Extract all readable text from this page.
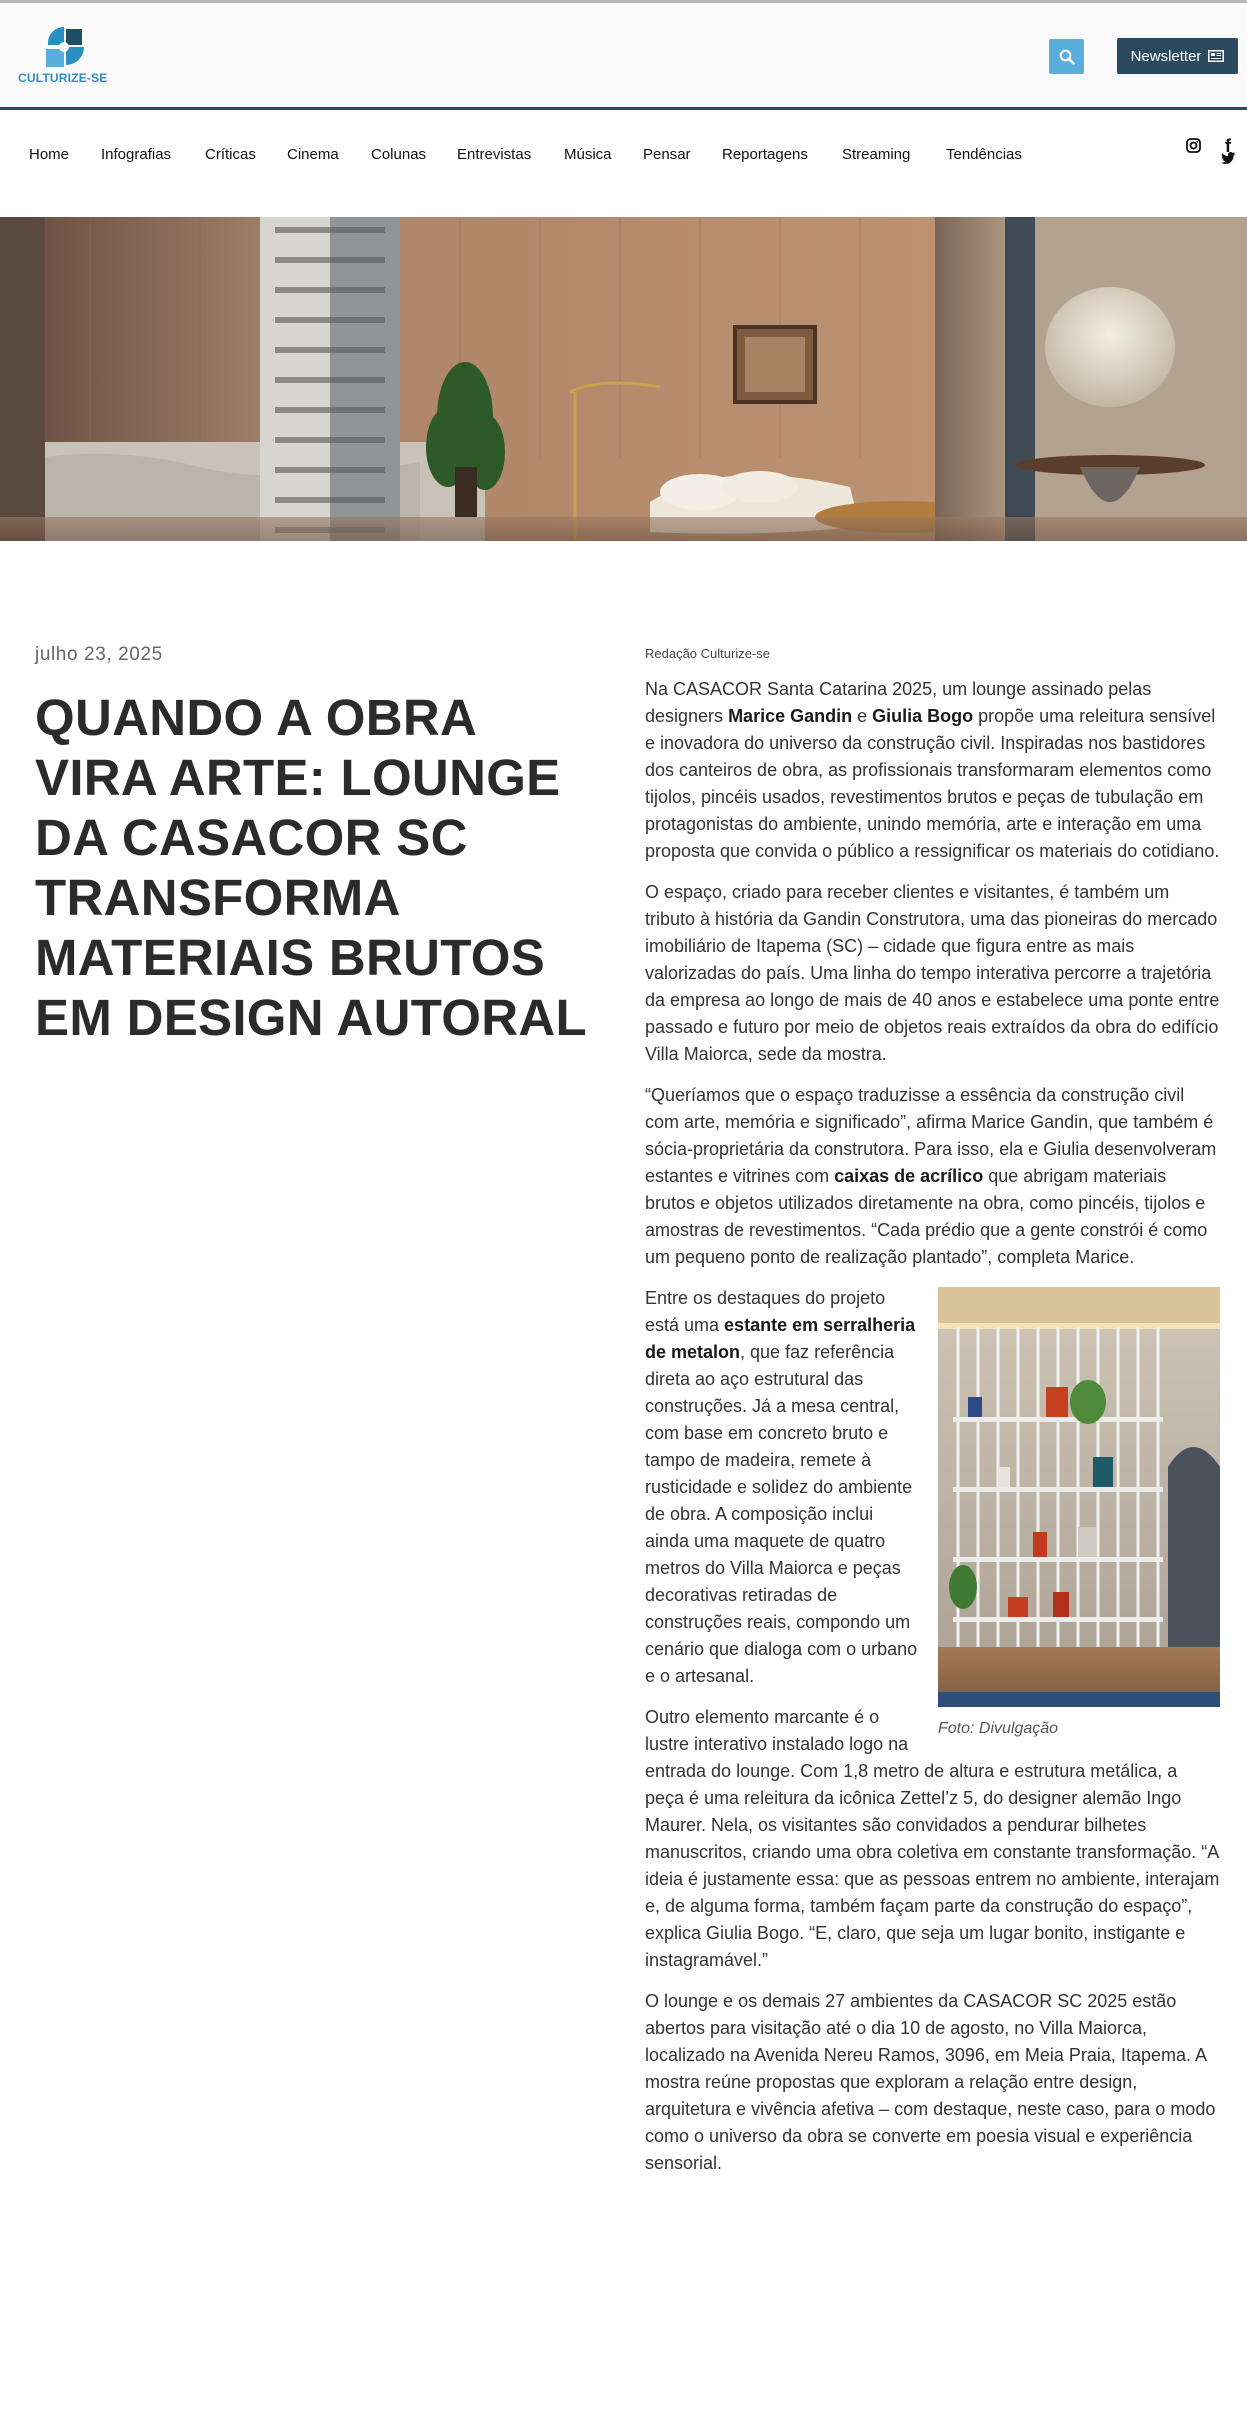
CULTURIZE-SE
Newsletter
Home Infografias Críticas Cinema Colunas Entrevistas Música Pensar Reportagens Streaming Tendências	f
julho 23, 2025
QUANDO A OBRA VIRA ARTE: LOUNGE DA CASACOR SC TRANSFORMA MATERIAIS BRUTOS EM DESIGN AUTORAL
Redação Culturize-se

Na CASACOR Santa Catarina 2025, um lounge assinado pelas designers Marice Gandin e Giulia Bogo propõe uma releitura sensível e inovadora do universo da construção civil. Inspiradas nos bastidores dos canteiros de obra, as profissionais transformaram elementos como tijolos, pincéis usados, revestimentos brutos e peças de tubulação em protagonistas do ambiente, unindo memória, arte e interação em uma proposta que convida o público a ressignificar os materiais do cotidiano.

O espaço, criado para receber clientes e visitantes, é também um tributo à história da Gandin Construtora, uma das pioneiras do mercado imobiliário de Itapema (SC) – cidade que figura entre as mais valorizadas do país. Uma linha do tempo interativa percorre a trajetória da empresa ao longo de mais de 40 anos e estabelece uma ponte entre passado e futuro por meio de objetos reais extraídos da obra do edifício Villa Maiorca, sede da mostra.

“Queríamos que o espaço traduzisse a essência da construção civil com arte, memória e significado”, afirma Marice Gandin, que também é sócia-proprietária da construtora. Para isso, ela e Giulia desenvolveram estantes e vitrines com caixas de acrílico que abrigam materiais brutos e objetos utilizados diretamente na obra, como pincéis, tijolos e amostras de revestimentos. “Cada prédio que a gente constrói é como um pequeno ponto de realização plantado”, completa Marice.

Foto: Divulgação

Entre os destaques do projeto está uma estante em serralheria de metalon, que faz referência direta ao aço estrutural das construções. Já a mesa central, com base em concreto bruto e tampo de madeira, remete à rusticidade e solidez do ambiente de obra. A composição inclui ainda uma maquete de quatro metros do Villa Maiorca e peças decorativas retiradas de construções reais, compondo um cenário que dialoga com o urbano e o artesanal.

Outro elemento marcante é o lustre interativo instalado logo na entrada do lounge. Com 1,8 metro de altura e estrutura metálica, a peça é uma releitura da icônica Zettel’z 5, do designer alemão Ingo Maurer. Nela, os visitantes são convidados a pendurar bilhetes manuscritos, criando uma obra coletiva em constante transformação. “A ideia é justamente essa: que as pessoas entrem no ambiente, interajam e, de alguma forma, também façam parte da construção do espaço”, explica Giulia Bogo. “E, claro, que seja um lugar bonito, instigante e instagramável.”

O lounge e os demais 27 ambientes da CASACOR SC 2025 estão abertos para visitação até o dia 10 de agosto, no Villa Maiorca, localizado na Avenida Nereu Ramos, 3096, em Meia Praia, Itapema. A mostra reúne propostas que exploram a relação entre design, arquitetura e vivência afetiva – com destaque, neste caso, para o modo como o universo da obra se converte em poesia visual e experiência sensorial.
